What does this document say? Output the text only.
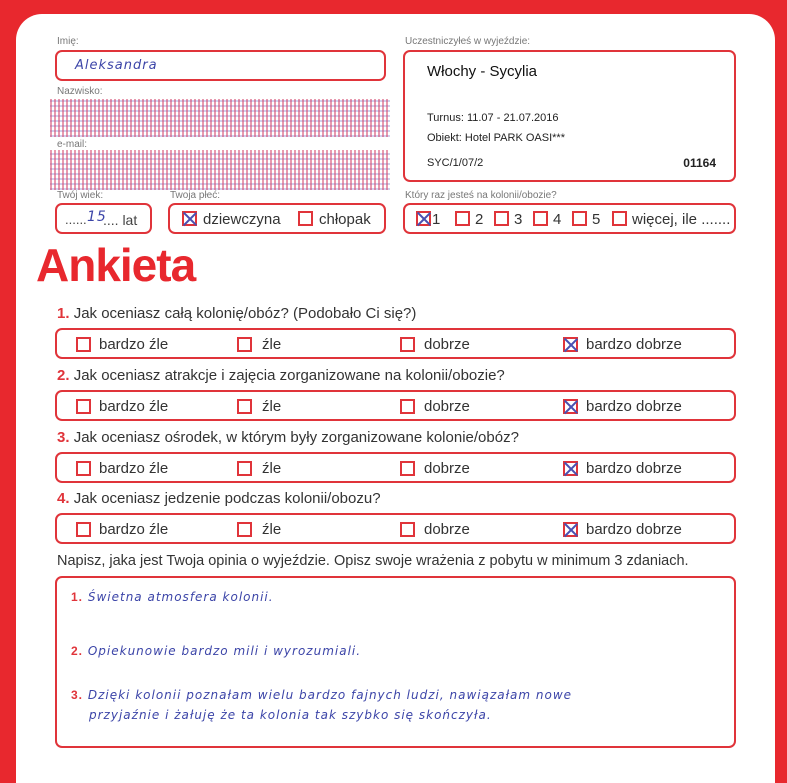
Imię:
Aleksandra
Nazwisko:
e-mail:
Twój wiek:
...... 15
.... lat
Twoja płeć:
dziewczyna	chłopak
Uczestniczyłeś w wyjeździe:
Włochy - Sycylia
Turnus: 11.07 - 21.07.2016
Obiekt: Hotel PARK OASI***
SYC/1/07/2	01164
Który raz jesteś na kolonii/obozie?
1 2 3 4 5 więcej, ile .......
Ankieta
1. Jak oceniasz całą kolonię/obóz? (Podobało Ci się?)
bardzo źle	źle	dobrze	bardzo dobrze
2. Jak oceniasz atrakcje i zajęcia zorganizowane na kolonii/obozie?
bardzo źle	źle	dobrze	bardzo dobrze
3. Jak oceniasz ośrodek, w którym były zorganizowane kolonie/obóz?
bardzo źle	źle	dobrze	bardzo dobrze
4. Jak oceniasz jedzenie podczas kolonii/obozu?
bardzo źle	źle	dobrze	bardzo dobrze
Napisz, jaka jest Twoja opinia o wyjeździe. Opisz swoje wrażenia z pobytu w minimum 3 zdaniach.
1. Świetna atmosfera kolonii.
2. Opiekunowie bardzo mili i wyrozumiali.
3. Dzięki kolonii poznałam wielu bardzo fajnych ludzi, nawiązałam nowe
przyjaźnie i żałuję że ta kolonia tak szybko się skończyła.
